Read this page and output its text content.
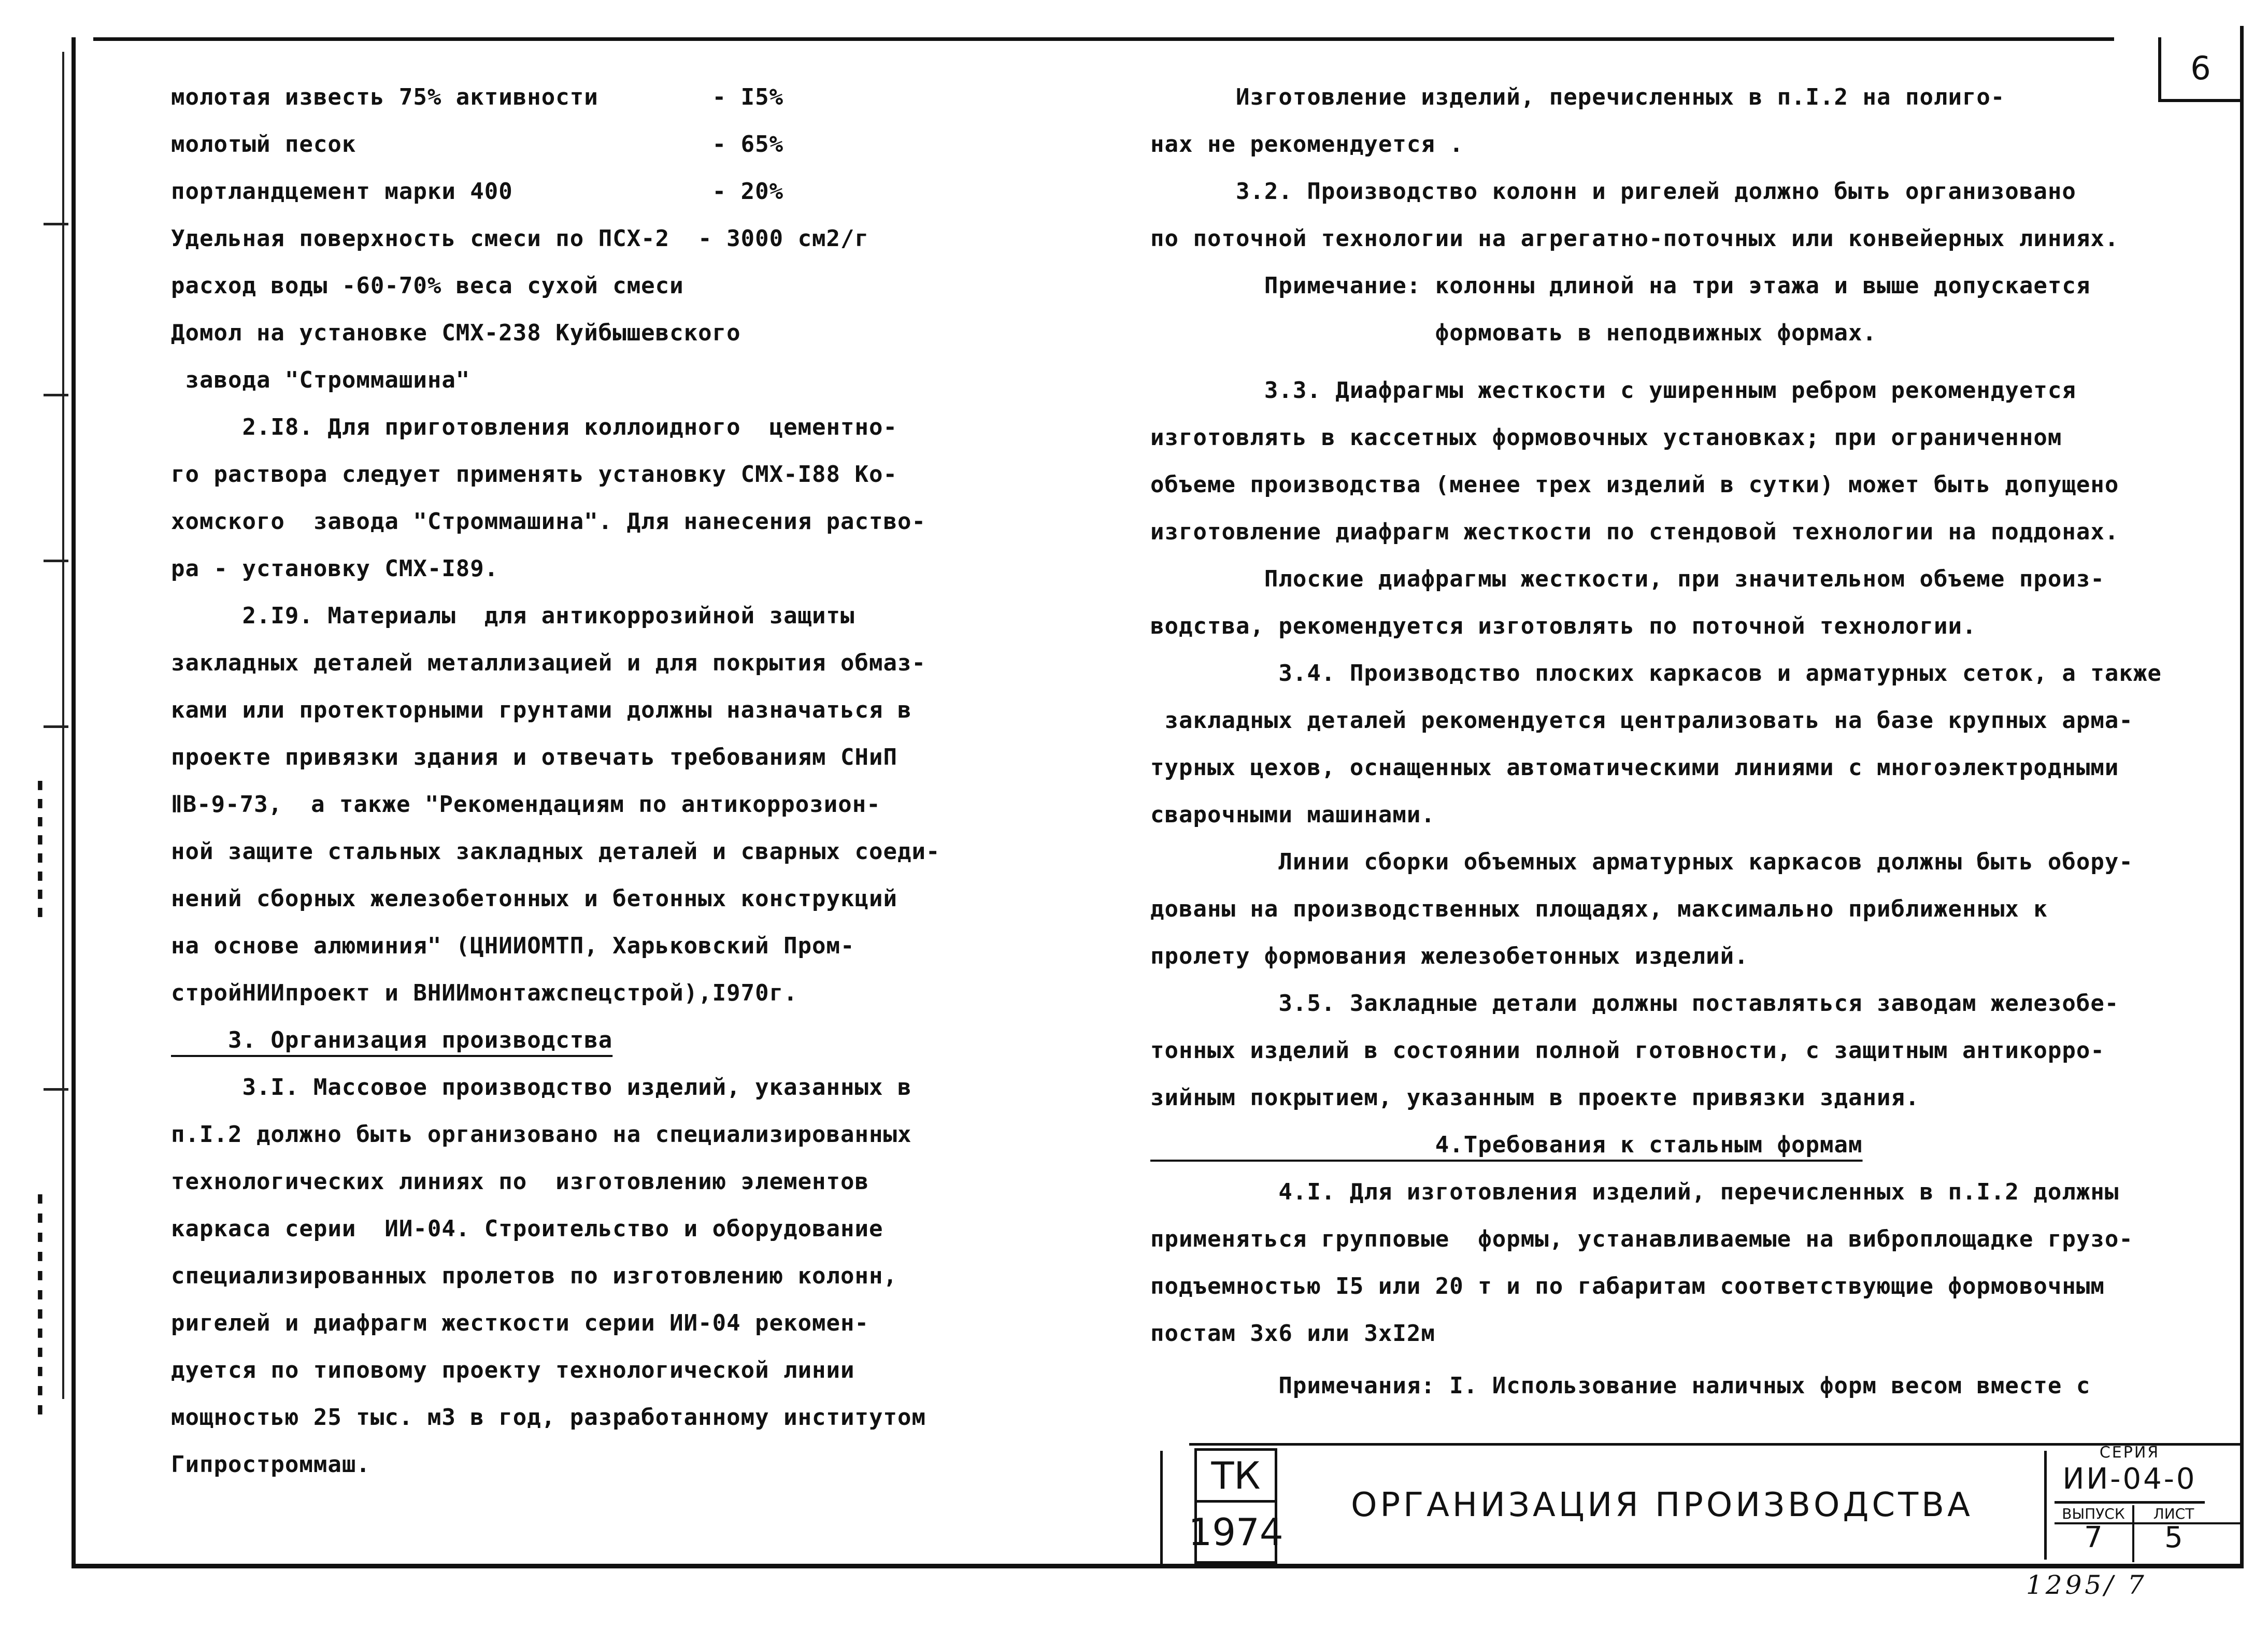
▮▮▮▮▮▮▮▮
▮▮▮▮▮▮▮▮▮▮▮▮
6
молотая известь 75% активности        - I5%
молотый песок                         - 65%
портландцемент марки 400              - 20%
Удельная поверхность смеси по ПСХ-2  - 3000 см2/г
расход воды -60-70% веса сухой смеси
Домол на установке СМХ-238 Куйбышевского
завода "Строммашина"
2.I8. Для приготовления коллоидного  цементно-
го раствора следует применять установку СМХ-I88 Ко-
хомского  завода "Строммашина". Для нанесения раство-
ра - установку СМХ-I89.
2.I9. Материалы  для антикоррозийной защиты
закладных деталей металлизацией и для покрытия обмаз-
ками или протекторными грунтами должны назначаться в
проекте привязки здания и отвечать требованиям СНиП
ⅡВ-9-73,  а также "Рекомендациям по антикоррозион-
ной защите стальных закладных деталей и сварных соеди-
нений сборных железобетонных и бетонных конструкций
на основе алюминия" (ЦНИИОМТП, Харьковский Пром-
стройНИИпроект и ВНИИмонтажспецстрой),I970г.
3. Организация производства
3.I. Массовое производство изделий, указанных в
п.I.2 должно быть организовано на специализированных
технологических линиях по  изготовлению элементов
каркаса серии  ИИ-04. Строительство и оборудование
специализированных пролетов по изготовлению колонн,
ригелей и диафрагм жесткости серии ИИ-04 рекомен-
дуется по типовому проекту технологической линии
мощностью 25 тыс. м3 в год, разработанному институтом
Гипростроммаш.
Изготовление изделий, перечисленных в п.I.2 на полиго-
нах не рекомендуется .
3.2. Производство колонн и ригелей должно быть организовано
по поточной технологии на агрегатно-поточных или конвейерных линиях.
Примечание: колонны длиной на три этажа и выше допускается
формовать в неподвижных формах.
3.3. Диафрагмы жесткости с уширенным ребром рекомендуется
изготовлять в кассетных формовочных установках; при ограниченном
объеме производства (менее трех изделий в сутки) может быть допущено
изготовление диафрагм жесткости по стендовой технологии на поддонах.
Плоские диафрагмы жесткости, при значительном объеме произ-
водства, рекомендуется изготовлять по поточной технологии.
3.4. Производство плоских каркасов и арматурных сеток, а также
закладных деталей рекомендуется централизовать на базе крупных арма-
турных цехов, оснащенных автоматическими линиями с многоэлектродными
сварочными машинами.
Линии сборки объемных арматурных каркасов должны быть обору-
дованы на производственных площадях, максимально приближенных к
пролету формования железобетонных изделий.
3.5. Закладные детали должны поставляться заводам железобе-
тонных изделий в состоянии полной готовности, с защитным антикорро-
зийным покрытием, указанным в проекте привязки здания.
4.Требования к стальным формам
4.I. Для изготовления изделий, перечисленных в п.I.2 должны
применяться групповые  формы, устанавливаемые на виброплощадке грузо-
подъемностью I5 или 20 т и по габаритам соответствующие формовочным
постам 3х6 или 3хI2м
Примечания: I. Использование наличных форм весом вместе с
ТК
1974
ОРГАНИЗАЦИЯ ПРОИЗВОДСТВА
СЕРИЯ
ИИ-04-0
ВЫПУСК	ЛИСТ
7	5
1295/ 7
